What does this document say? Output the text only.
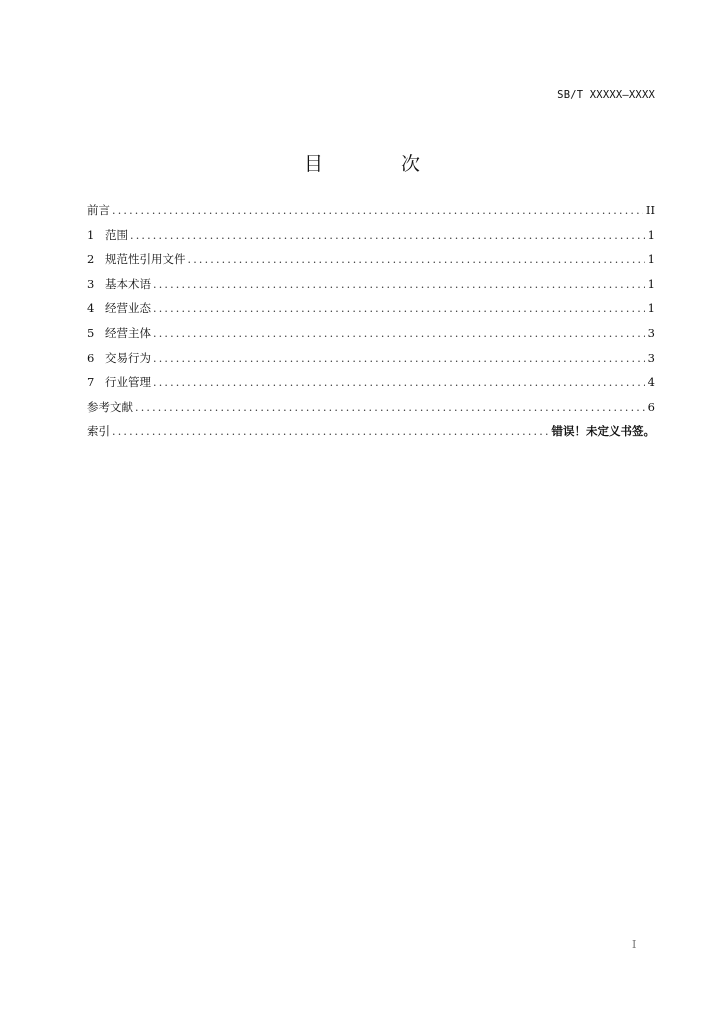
SB/T XXXXX—XXXX
目 次
前言 .....	II
1 范围 .....	1
2 规范性引用文件 .....	1
3 基本术语 .....	1
4 经营业态 .....	1
5 经营主体 .....	3
6 交易行为 .....	3
7 行业管理 .....	4
参考文献 .....	6
索引 .....	错误！未定义书签。
I
